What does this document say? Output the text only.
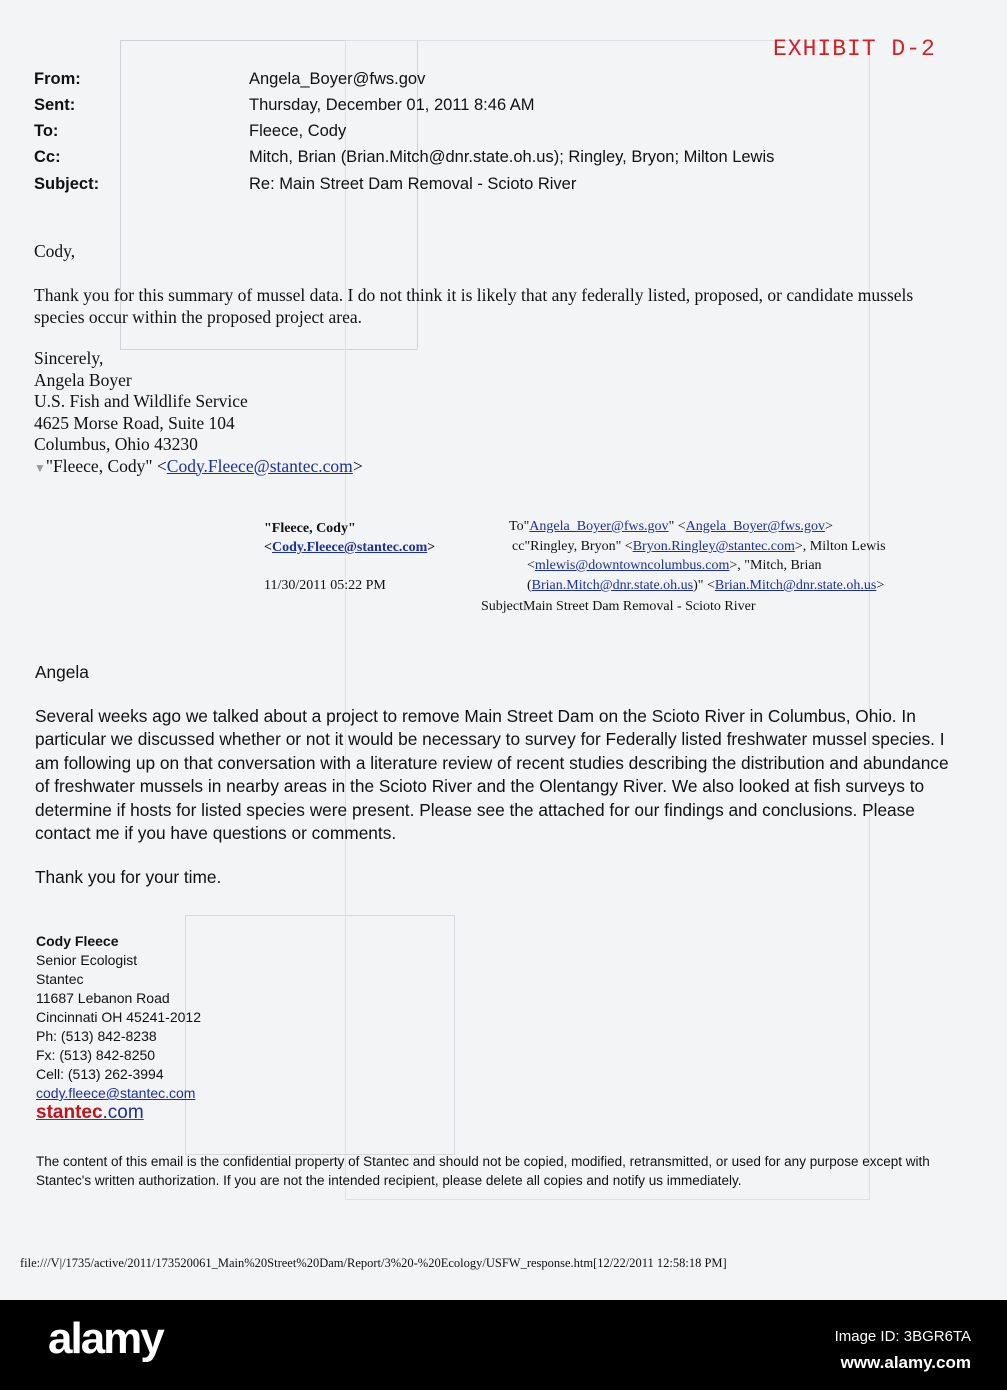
EXHIBIT D-2
From:	Angela_Boyer@fws.gov
Sent:	Thursday, December 01, 2011 8:46 AM
To:	Fleece, Cody
Cc:	Mitch, Brian (Brian.Mitch@dnr.state.oh.us); Ringley, Bryon; Milton Lewis
Subject:	Re: Main Street Dam Removal - Scioto River

Cody,

Thank you for this summary of mussel data. I do not think it is likely that any federally listed, proposed, or candidate mussels species occur within the proposed project area.

Sincerely,
Angela Boyer
U.S. Fish and Wildlife Service
4625 Morse Road, Suite 104
Columbus, Ohio 43230
▼"Fleece, Cody" <Cody.Fleece@stantec.com>
"Fleece, Cody"
<Cody.Fleece@stantec.com>
11/30/2011 05:22 PM
To"Angela_Boyer@fws.gov" <Angela_Boyer@fws.gov>
cc"Ringley, Bryon" <Bryon.Ringley@stantec.com>, Milton Lewis
<mlewis@downtowncolumbus.com>, "Mitch, Brian
(Brian.Mitch@dnr.state.oh.us)" <Brian.Mitch@dnr.state.oh.us>
SubjectMain Street Dam Removal - Scioto River

Angela

Several weeks ago we talked about a project to remove Main Street Dam on the Scioto River in Columbus, Ohio. In particular we discussed whether or not it would be necessary to survey for Federally listed freshwater mussel species. I am following up on that conversation with a literature review of recent studies describing the distribution and abundance of freshwater mussels in nearby areas in the Scioto River and the Olentangy River. We also looked at fish surveys to determine if hosts for listed species were present. Please see the attached for our findings and conclusions. Please contact me if you have questions or comments.

Thank you for your time.

Cody Fleece
Senior Ecologist
Stantec
11687 Lebanon Road
Cincinnati OH 45241-2012
Ph: (513) 842-8238
Fx: (513) 842-8250
Cell: (513) 262-3994
cody.fleece@stantec.com
stantec.com
The content of this email is the confidential property of Stantec and should not be copied, modified, retransmitted, or used for any purpose except with Stantec's written authorization. If you are not the intended recipient, please delete all copies and notify us immediately.
file:///V|/1735/active/2011/173520061_Main%20Street%20Dam/Report/3%20-%20Ecology/USFW_response.htm[12/22/2011 12:58:18 PM]
alamy	Image ID: 3BGR6TA
www.alamy.com
